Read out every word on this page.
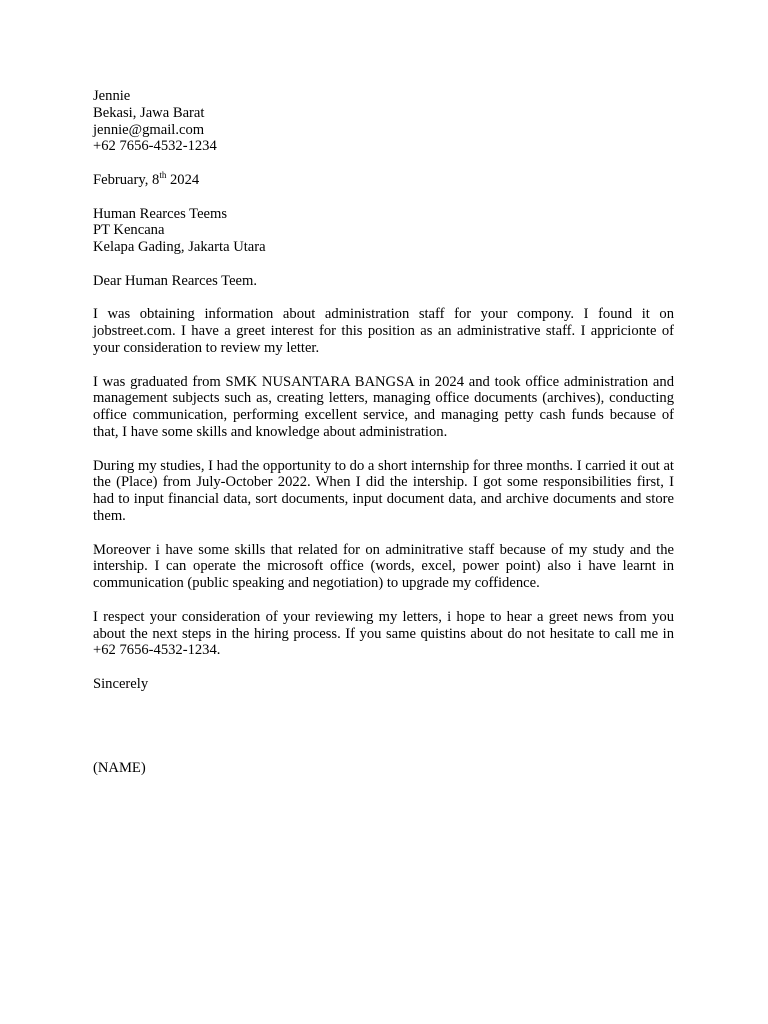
Jennie
Bekasi, Jawa Barat
jennie@gmail.com
+62 7656-4532-1234
February, 8th 2024
Human Rearces Teems
PT Kencana
Kelapa Gading, Jakarta Utara

Dear Human Rearces Teem.

I was obtaining information about administration staff for your compony. I found it on jobstreet.com. I have a greet interest for this position as an administrative staff. I appricionte of your consideration to review my letter.

I was graduated from SMK NUSANTARA BANGSA in 2024 and took office administration and management subjects such as, creating letters, managing office documents (archives), conducting office communication, performing excellent service, and managing petty cash funds because of that, I have some skills and knowledge about administration.

During my studies, I had the opportunity to do a short internship for three months. I carried it out at the (Place) from July-October 2022. When I did the intership. I got some responsibilities first, I had to input financial data, sort documents, input document data, and archive documents and store them.

Moreover i have some skills that related for on adminitrative staff because of my study and the intership. I can operate the microsoft office (words, excel, power point) also i have learnt in communication (public speaking and negotiation) to upgrade my coffidence.

I respect your consideration of your reviewing my letters, i hope to hear a greet news from you about the next steps in the hiring process. If you same quistins about do not hesitate to call me in +62 7656-4532-1234.

Sincerely

(NAME)
